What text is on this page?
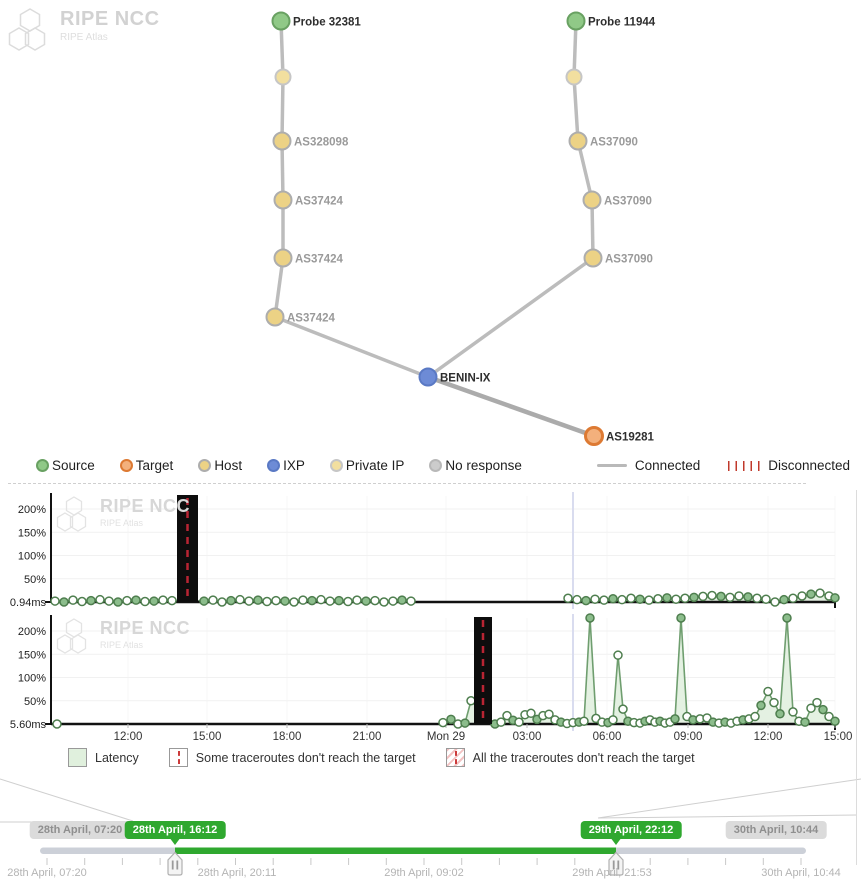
RIPE NCC
RIPE Atlas
Probe 32381
AS328098
AS37424
AS37424
AS37424
Probe 11944
AS37090
AS37090
AS37090
BENIN-IX
AS19281
Source	Target	Host	IXP	Private IP	No response	Connected	Disconnected
200%
150%
100%
50%
0.94ms
200%
150%
100%
50%
5.60ms
RIPE NCC
RIPE Atlas
RIPE NCC
RIPE Atlas
12:00	15:00	18:00	21:00	Mon 29	03:00	06:00	09:00	12:00	15:00
Latency	Some traceroutes don't reach the target	All the traceroutes don't reach the target
28th April, 07:20	28th April, 20:11	29th April, 09:02	29th April, 21:53	30th April, 10:44
28th April, 07:20 28th April, 16:12	29th April, 22:12	30th April, 10:44
